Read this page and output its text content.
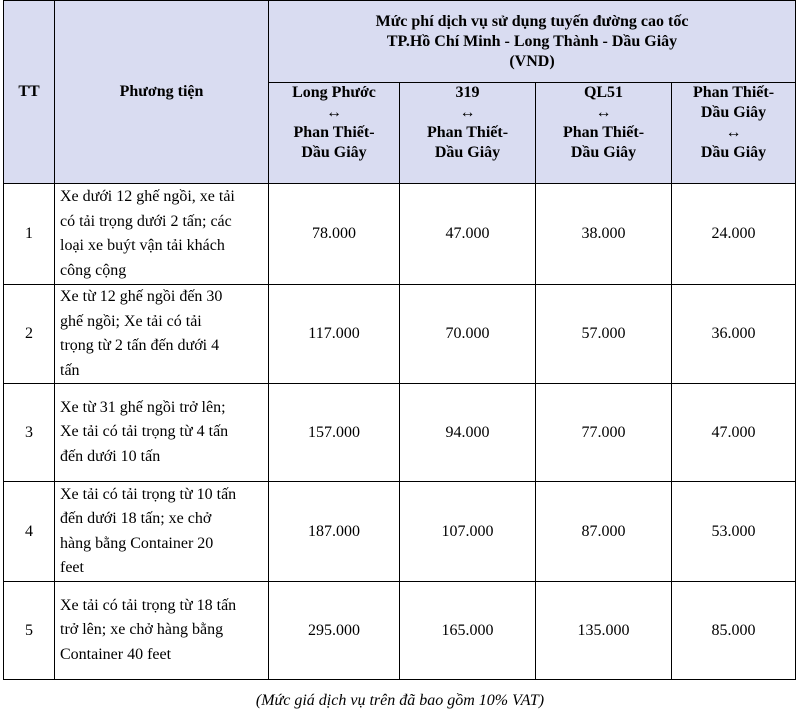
TT	Phương tiện	Mức phí dịch vụ sử dụng tuyến đường cao tốc
TP.Hồ Chí Minh - Long Thành - Dầu Giây
(VND)			

		Long Phước
↔
Phan Thiết-
Dầu Giây	319
↔
Phan Thiết-
Dầu Giây	QL51
↔
Phan Thiết-
Dầu Giây	Phan Thiết-
Dầu Giây
↔
Dầu Giây

1	Xe dưới 12 ghế ngồi, xe tải
có tải trọng dưới 2 tấn; các
loại xe buýt vận tải khách
công cộng	78.000	47.000	38.000	24.000
2	Xe từ 12 ghế ngồi đến 30
ghế ngồi; Xe tải có tải
trọng từ 2 tấn đến dưới 4
tấn	117.000	70.000	57.000	36.000
3	Xe từ 31 ghế ngồi trở lên;
Xe tải có tải trọng từ 4 tấn
đến dưới 10 tấn	157.000	94.000	77.000	47.000
4	Xe tải có tải trọng từ 10 tấn
đến dưới 18 tấn; xe chở
hàng bằng Container 20
feet	187.000	107.000	87.000	53.000
5	Xe tải có tải trọng từ 18 tấn
trở lên; xe chở hàng bằng
Container 40 feet	295.000	165.000	135.000	85.000
(Mức giá dịch vụ trên đã bao gồm 10% VAT)
